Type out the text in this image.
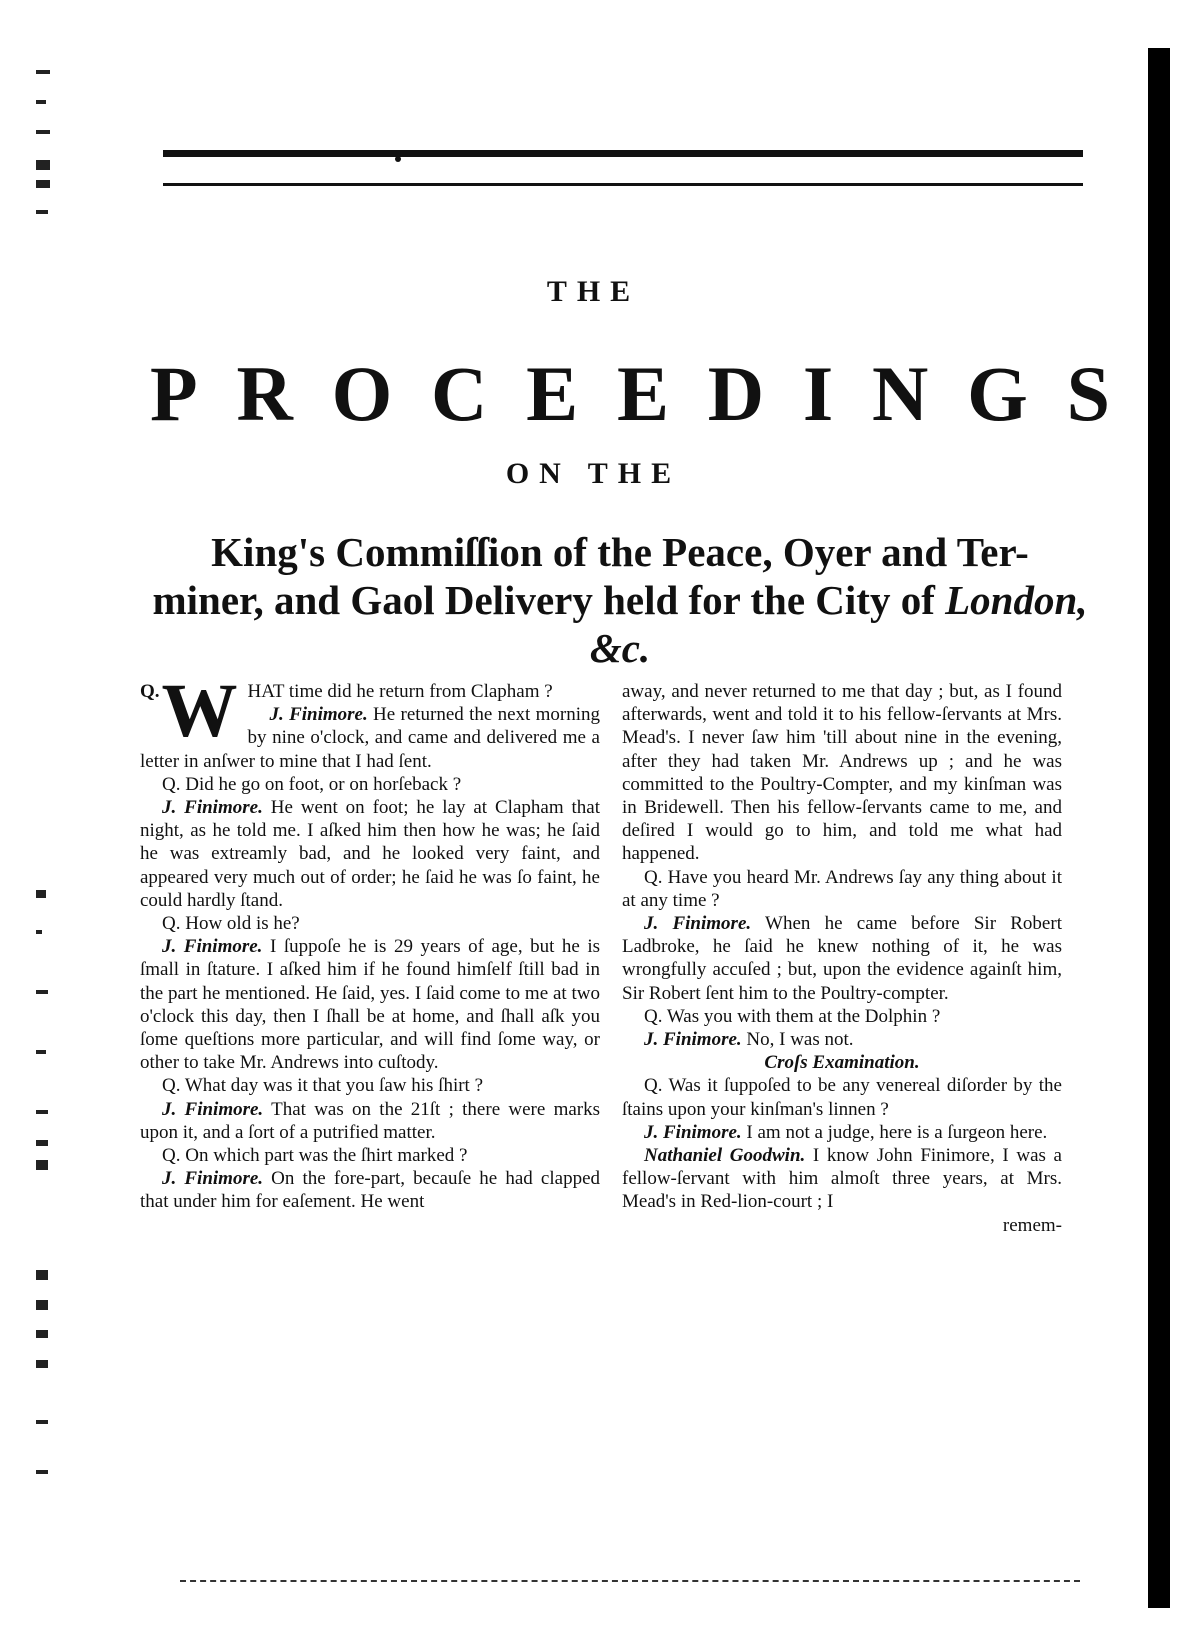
THE
P R O C E E D I N G S
ON THE
King's Commiſſion of the Peace, Oyer and Ter-
miner, and Gaol Delivery held for the City of London, &c.

Q. W HAT time did he return from Clapham ?

J. Finimore. He returned the next morning by nine o'clock, and came and delivered me a letter in anſwer to mine that I had ſent.

Q. Did he go on foot, or on horſeback ?

J. Finimore. He went on foot; he lay at Clapham that night, as he told me. I aſked him then how he was; he ſaid he was extreamly bad, and he looked very faint, and appeared very much out of order; he ſaid he was ſo faint, he could hardly ſtand.

Q. How old is he?

J. Finimore. I ſuppoſe he is 29 years of age, but he is ſmall in ſtature. I aſked him if he found himſelf ſtill bad in the part he mentioned. He ſaid, yes. I ſaid come to me at two o'clock this day, then I ſhall be at home, and ſhall aſk you ſome queſtions more particular, and will find ſome way, or other to take Mr. Andrews into cuſtody.

Q. What day was it that you ſaw his ſhirt ?

J. Finimore. That was on the 21ſt ; there were marks upon it, and a ſort of a putrified matter.

Q. On which part was the ſhirt marked ?

J. Finimore. On the fore-part, becauſe he had clapped that under him for eaſement. He went

away, and never returned to me that day ; but, as I found afterwards, went and told it to his fellow-ſervants at Mrs. Mead's. I never ſaw him 'till about nine in the evening, after they had taken Mr. Andrews up ; and he was committed to the Poultry-Compter, and my kinſman was in Bridewell. Then his fellow-ſervants came to me, and deſired I would go to him, and told me what had happened.

Q. Have you heard Mr. Andrews ſay any thing about it at any time ?

J. Finimore. When he came before Sir Robert Ladbroke, he ſaid he knew nothing of it, he was wrongfully accuſed ; but, upon the evidence againſt him, Sir Robert ſent him to the Poultry-compter.

Q. Was you with them at the Dolphin ?

J. Finimore. No, I was not.

Croſs Examination.

Q. Was it ſuppoſed to be any venereal diſorder by the ſtains upon your kinſman's linnen ?

J. Finimore. I am not a judge, here is a ſurgeon here.

Nathaniel Goodwin. I know John Finimore, I was a fellow-ſervant with him almoſt three years, at Mrs. Mead's in Red-lion-court ; I

remem-
